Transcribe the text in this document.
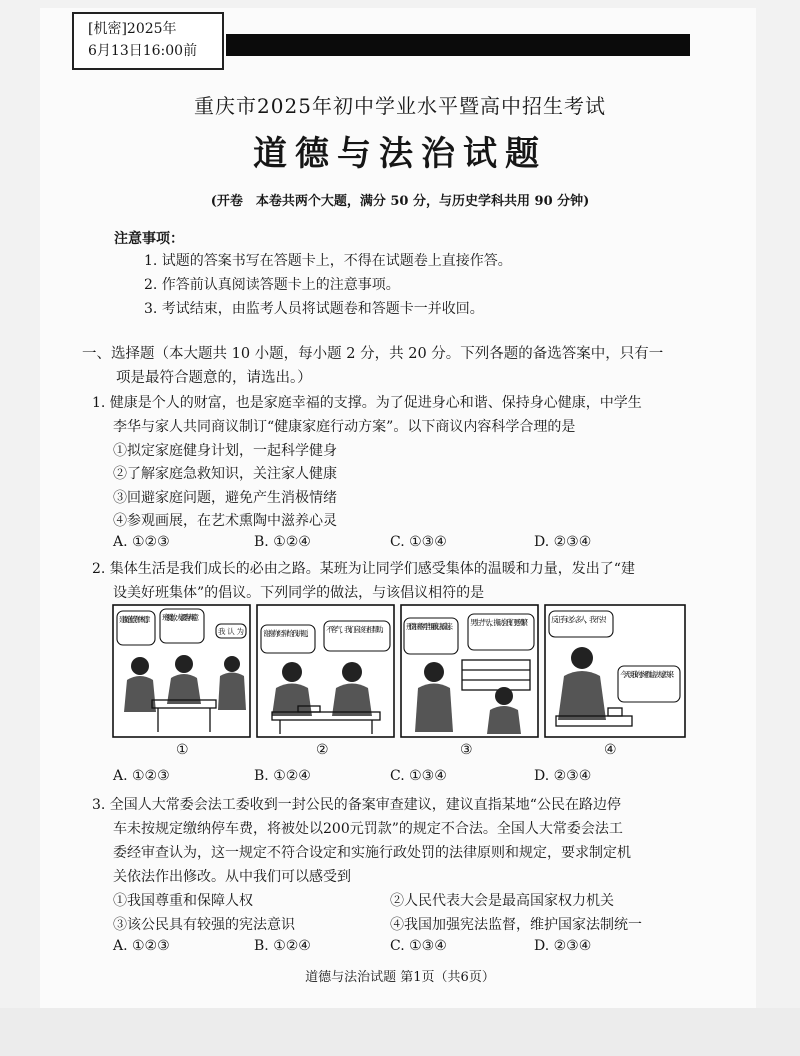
[机密]2025年
6月13日16:00前
重庆市2025年初中学业水平暨高中招生考试
道德与法治试题
(开卷　本卷共两个大题，满分 50 分，与历史学科共用 90 分钟)
注意事项：
1. 试题的答案书写在答题卡上，不得在试题卷上直接作答。
2. 作答前认真阅读答题卡上的注意事项。
3. 考试结束，由监考人员将试题卷和答题卡一并收回。
一、选择题（本大题共 10 小题，每小题 2 分，共 20 分。下列各题的备选答案中，只有一
项是最符合题意的，请选出。）
1. 健康是个人的财富，也是家庭幸福的支撑。为了促进身心和谐、保持身心健康，中学生
李华与家人共同商议制订“健康家庭行动方案”。以下商议内容科学合理的是
①拟定家庭健身计划，一起科学健身
②了解家庭急救知识，关注家人健康
③回避家庭问题，避免产生消极情绪
④参观画展，在艺术熏陶中滋养心灵
A. ①②③	B. ①②④	C. ①③④	D. ②③④
2. 集体生活是我们成长的必由之路。某班为让同学们感受集体的温暖和力量，发出了“建
设美好班集体”的倡议。下列同学的做法，与该倡议相符的是
建议轮流值守午休纪律。 班级排放，大家要有表率意。
我认为	谢谢你经常给我讲题。 不客气，我们应该互相帮助。 那位东区的同学当面我们去看走来。 男生力气大，搬动会我们更频繁！	反正有这么多人，我不去！
今天谈我的小组微信法大家快来！
①	②	③	④
A. ①②③	B. ①②④	C. ①③④	D. ②③④
3. 全国人大常委会法工委收到一封公民的备案审查建议，建议直指某地“公民在路边停
车未按规定缴纳停车费，将被处以200元罚款”的规定不合法。全国人大常委会法工
委经审查认为，这一规定不符合设定和实施行政处罚的法律原则和规定，要求制定机
关依法作出修改。从中我们可以感受到
①我国尊重和保障人权	②人民代表大会是最高国家权力机关
③该公民具有较强的宪法意识	④我国加强宪法监督，维护国家法制统一
A. ①②③	B. ①②④	C. ①③④	D. ②③④
道德与法治试题 第1页（共6页）
